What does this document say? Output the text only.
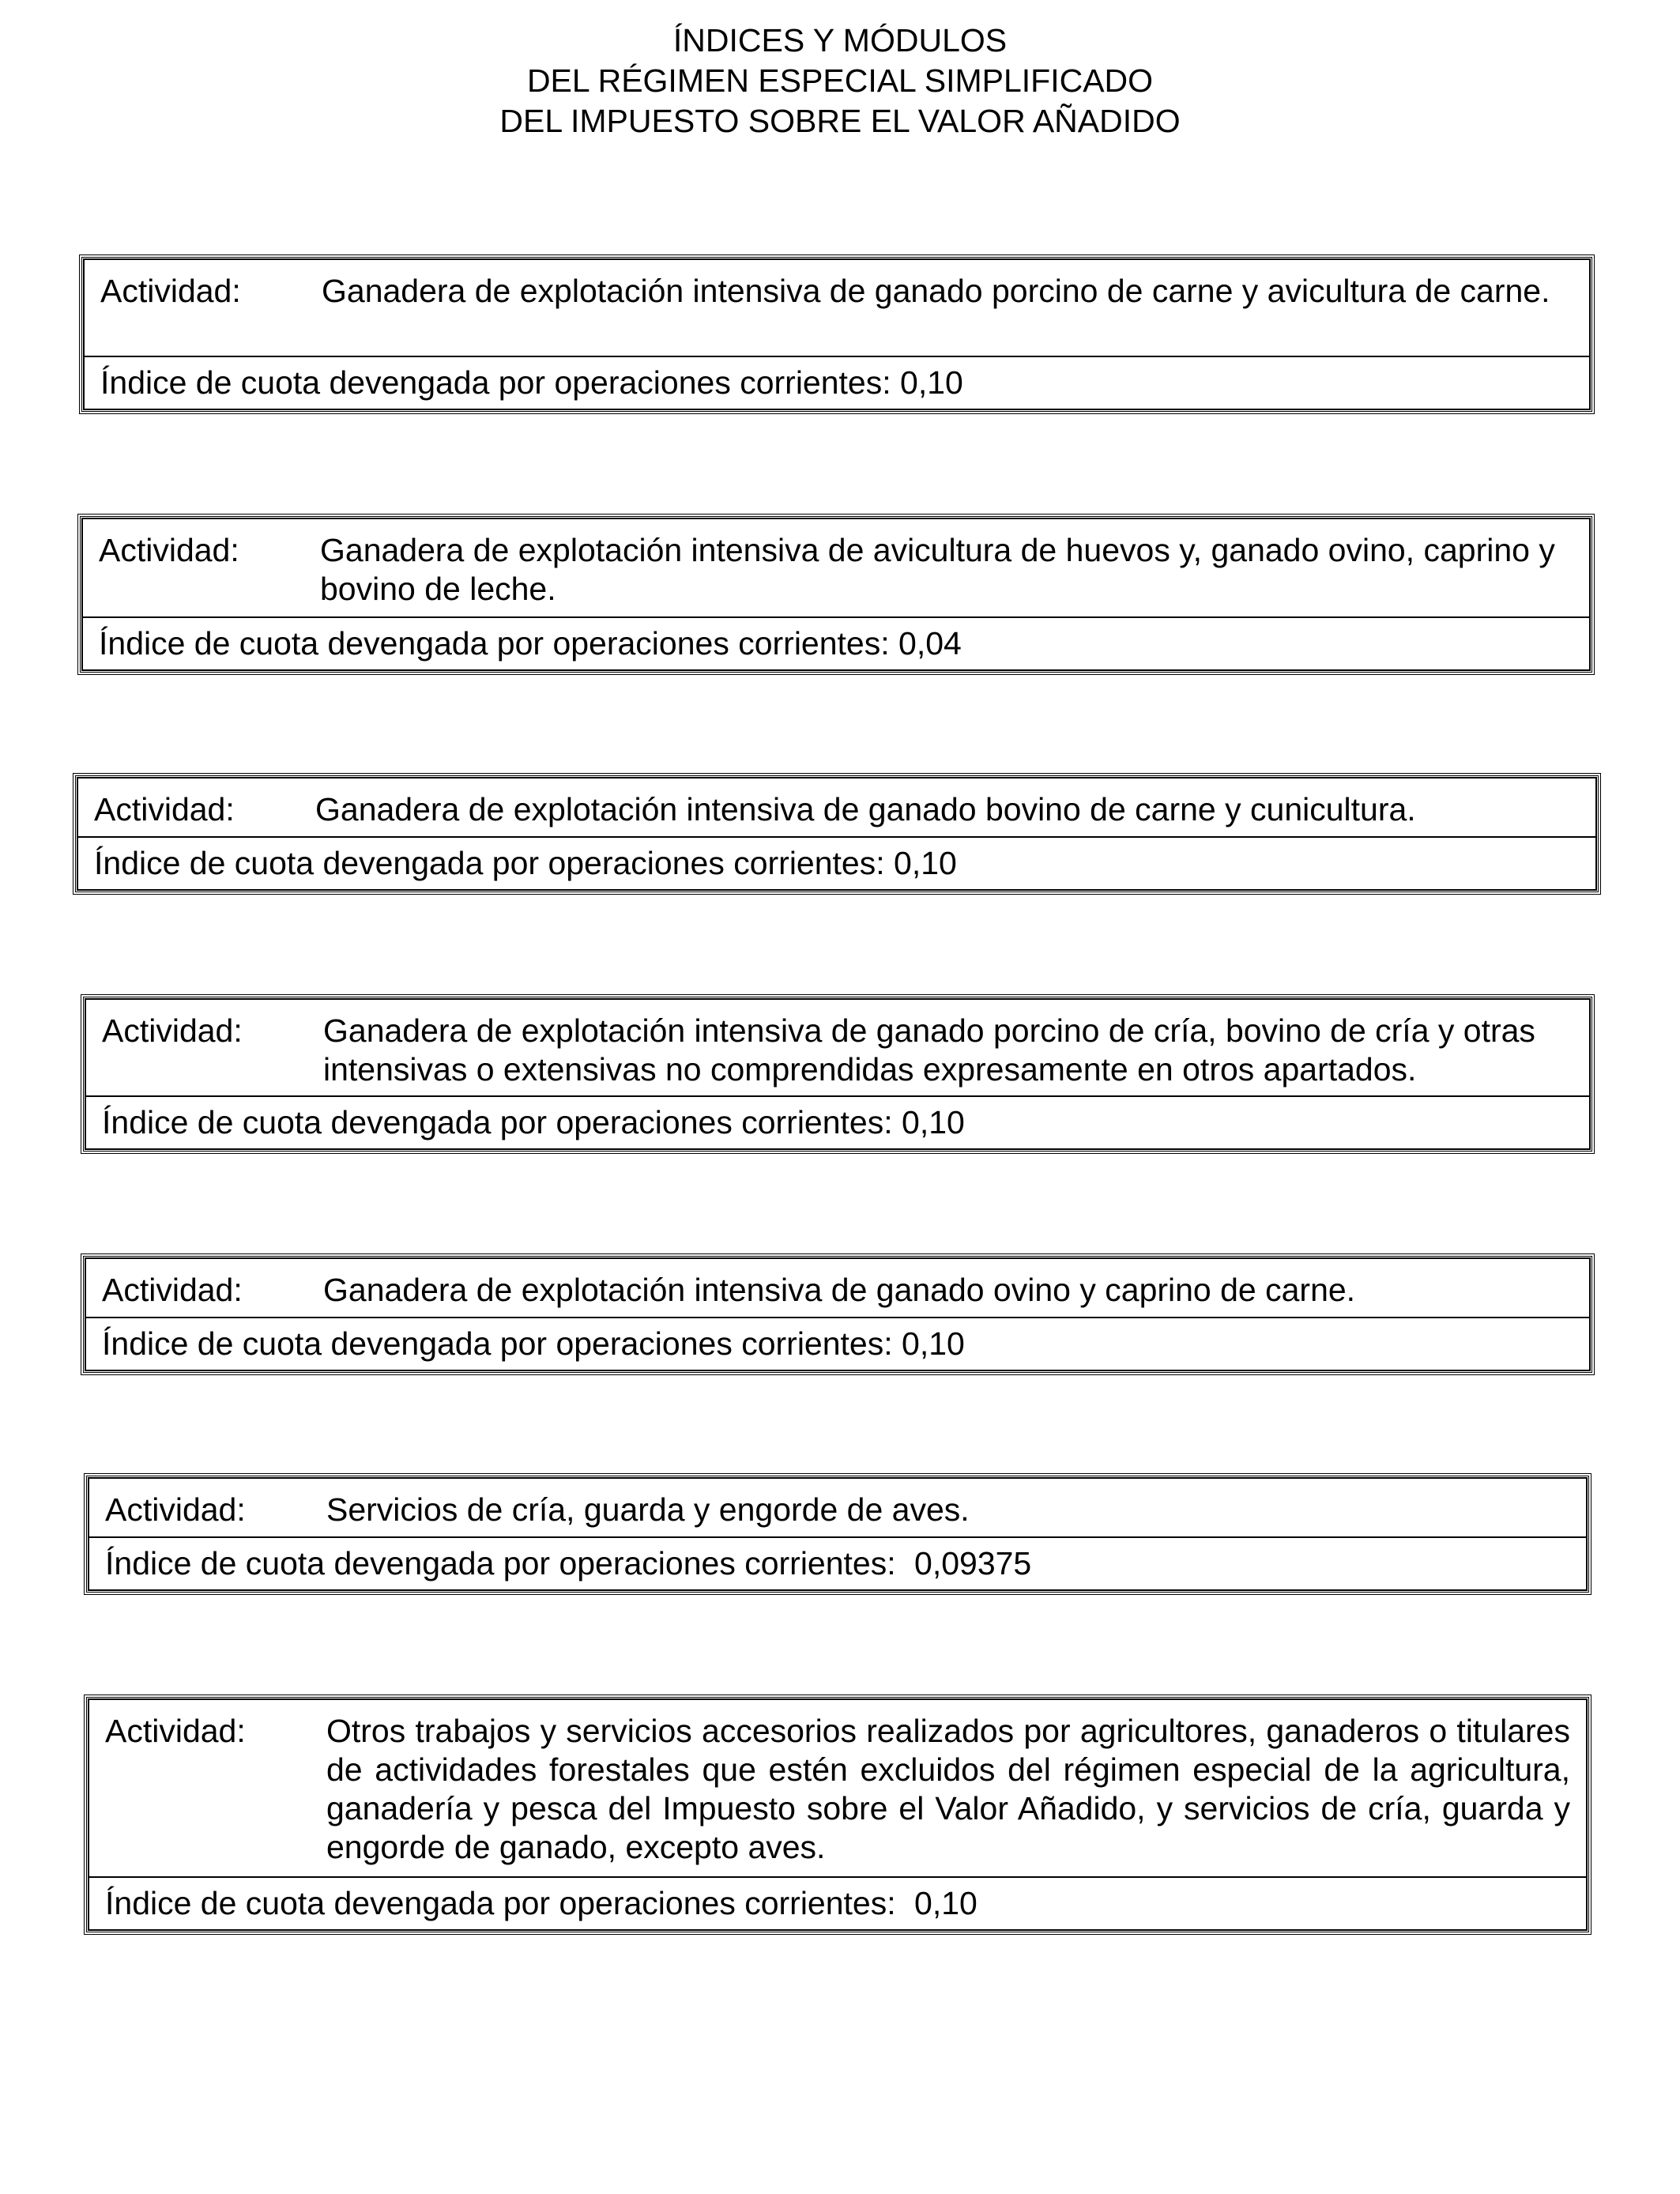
ÍNDICES Y MÓDULOS
DEL RÉGIMEN ESPECIAL SIMPLIFICADO
DEL IMPUESTO SOBRE EL VALOR AÑADIDO
Actividad:	Ganadera de explotación intensiva de ganado porcino de carne y avicultura de carne.
Índice de cuota devengada por operaciones corrientes: 0,10
Actividad:	Ganadera de explotación intensiva de avicultura de huevos y, ganado ovino, caprino y bovino de leche.
Índice de cuota devengada por operaciones corrientes: 0,04
Actividad:	Ganadera de explotación intensiva de ganado bovino de carne y cunicultura.
Índice de cuota devengada por operaciones corrientes: 0,10
Actividad:	Ganadera de explotación intensiva de ganado porcino de cría, bovino de cría y otras intensivas o extensivas no comprendidas expresamente en otros apartados.
Índice de cuota devengada por operaciones corrientes: 0,10
Actividad:	Ganadera de explotación intensiva de ganado ovino y caprino de carne.
Índice de cuota devengada por operaciones corrientes: 0,10
Actividad:	Servicios de cría, guarda y engorde de aves.
Índice de cuota devengada por operaciones corrientes: 0,09375
Actividad:	Otros trabajos y servicios accesorios realizados por agricultores, ganaderos o titulares de actividades forestales que estén excluidos del régimen especial de la agricultura, ganadería y pesca del Impuesto sobre el Valor Añadido, y servicios de cría, guarda y engorde de ganado, excepto aves.
Índice de cuota devengada por operaciones corrientes: 0,10
